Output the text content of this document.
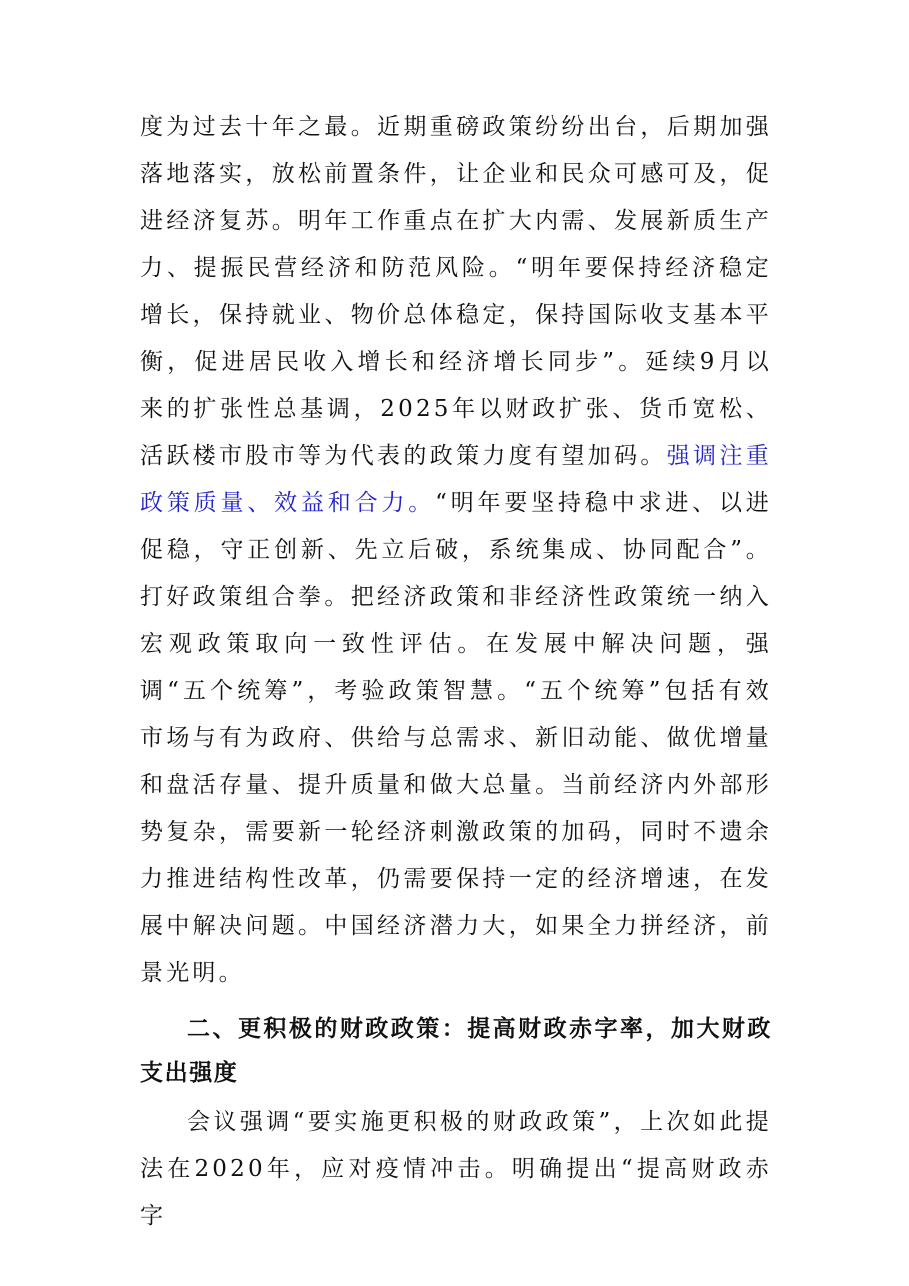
度为过去十年之最。近期重磅政策纷纷出台，后期加强落地落实，放松前置条件，让企业和民众可感可及，促进经济复苏。明年工作重点在扩大内需、发展新质生产力、提振民营经济和防范风险。“明年要保持经济稳定增长，保持就业、物价总体稳定，保持国际收支基本平衡，促进居民收入增长和经济增长同步”。延续9月以来的扩张性总基调，2025年以财政扩张、货币宽松、活跃楼市股市等为代表的政策力度有望加码。强调注重政策质量、效益和合力。“明年要坚持稳中求进、以进促稳，守正创新、先立后破，系统集成、协同配合”。打好政策组合拳。把经济政策和非经济性政策统一纳入宏观政策取向一致性评估。在发展中解决问题，强调“五个统筹”，考验政策智慧。“五个统筹”包括有效市场与有为政府、供给与总需求、新旧动能、做优增量和盘活存量、提升质量和做大总量。当前经济内外部形势复杂，需要新一轮经济刺激政策的加码，同时不遗余力推进结构性改革，仍需要保持一定的经济增速，在发展中解决问题。中国经济潜力大，如果全力拼经济，前景光明。

二、更积极的财政政策：提高财政赤字率，加大财政支出强度

会议强调“要实施更积极的财政政策”，上次如此提法在2020年，应对疫情冲击。明确提出“提高财政赤字
